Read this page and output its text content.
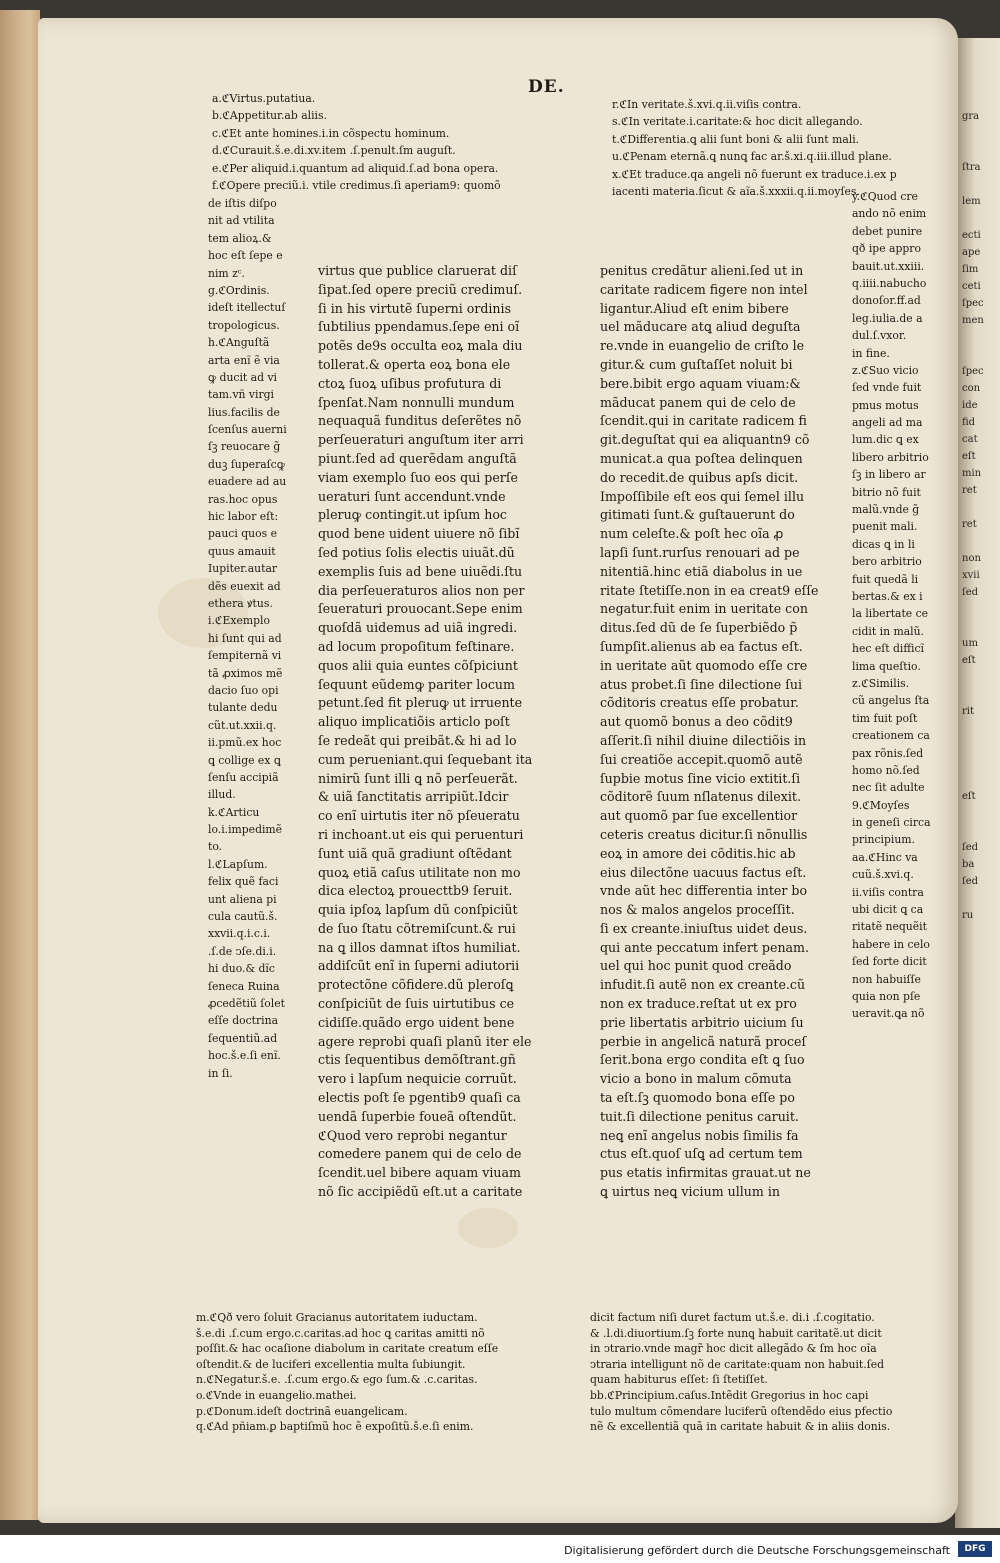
DE.
a.ℭVirtus.putatiua.
b.ℭAppetitur.ab aliis.
c.ℭEt ante homines.i.in cõspectu hominum.
d.ℭCurauit.š.e.di.xv.item .ſ.penult.ſm auguſt.
e.ℭPer aliquid.i.quantum ad aliquid.ſ.ad bona opera.
f.ℭOpere preciũ.i. vtile credimus.ſi aperiam9: quomõ
de iſtis diſpo
nit ad vtilita
tem alioꝝ.&
hoc eſt ſepe e
nim zᶜ.
g.ℭOrdinis.
ideſt itellectuſ
tropologicus.
h.ℭAnguſtã
arta enĩ ẽ via
ꝙ ducit ad vi
tam.vñ virgi
lius.facilis de
ſcenſus auerni
ſꝫ reuocare g̃
duꝫ ſuperaſcꝙ
euadere ad au
ras.hoc opus
hic labor eſt:
pauci quos e
quus amauit
Iupiter.autar
dẽs euexit ad
ethera ꝟtus.
i.ℭExemplo
hi ſunt qui ad
ſempiternã vi
tã ꝓximos mẽ
dacio ſuo opi
tulante dedu
cũt.ut.xxii.q.
ii.pmũ.ex hoc
ꝗ collige ex ꝗ
ſenſu accipiã
illud.
k.ℭArticu
lo.i.impedimẽ
to.
l.ℭLapſum.
felix quẽ faci
unt aliena pi
cula cautũ.š.
xxvii.q.i.c.i.
.ſ.de ↄſe.di.i.
hi duo.& dĩc
ſeneca Ruina
ꝓcedẽtiũ ſolet
eſſe doctrina
ſequentiũ.ad
hoc.š.e.ſi enĩ.
in ſi.
virtus que publice claruerat diſ
ſipat.ſed opere preciũ credimuſ.
ſi in his virtutẽ ſuperni ordinis
ſubtilius ppendamus.ſepe eni oĩ
potẽs de9s occulta eoꝝ mala diu
tollerat.& operta eoꝝ bona ele
ctoꝝ ſuoꝝ uſibus profutura di
ſpenſat.Nam nonnulli mundum
nequaquã funditus deſerẽtes nõ
perſeueraturi anguſtum iter arri
piunt.ſed ad querẽdam anguſtã
viam exemplo ſuo eos qui perſe
ueraturi ſunt accendunt.vnde
pleruꝙ contingit.ut ipſum hoc
quod bene uident uiuere nõ ſibĩ
ſed potius ſolis electis uiuãt.dũ
exemplis ſuis ad bene uiuẽdi.ſtu
dia perſeueraturos alios non per
ſeueraturi prouocant.Sepe enim
quoſdã uidemus ad uiã ingredi.
ad locum propoſitum feſtinare.
quos alii quia euntes cõſpiciunt
ſequunt eũdemꝙ pariter locum
petunt.ſed fit pleruꝙ ut irruente
aliquo implicatiõis articlo poſt
ſe redeãt qui preibãt.& hi ad lo
cum perueniant.qui ſequebant ita
nimirũ ſunt illi ꝗ nõ perſeuerãt.
& uiã ſanctitatis arripiũt.Idcir
co enĩ uirtutis iter nõ pſeueratu
ri inchoant.ut eis qui peruenturi
ſunt uiã quã gradiunt oſtẽdant
quoꝝ etiã caſus utilitate non mo
dica electoꝝ prouecttb9 ſeruit.
quia ipſoꝝ lapſum dũ conſpiciũt
de ſuo ſtatu cõtremiſcunt.& rui
na ꝗ illos damnat iſtos humiliat.
addiſcũt enĩ in ſuperni adiutorii
protectõne cõfidere.dũ pleroſꝗ
conſpiciũt de ſuis uirtutibus ce
cidiſſe.quãdo ergo uident bene
agere reprobi quaſi planũ iter ele
ctis ſequentibus demõſtrant.gñ
vero i lapſum nequicie corruũt.
electis poſt ſe pgentib9 quaſi ca
uendã ſuperbie foueã oſtendũt.
ℭQuod vero reprobi negantur
comedere panem qui de celo de
ſcendit.uel bibere aquam viuam
nõ ſic accipiẽdũ eſt.ut a caritate
r.ℭIn veritate.š.xvi.q.ii.viſis contra.
s.ℭIn veritate.i.caritate:& hoc dicit allegando.
t.ℭDifferentia.ꝗ alii ſunt boni & alii ſunt mali.
u.ℭPenam eternã.ꝗ nunꝗ fac ar.š.xi.q.iii.illud plane.
x.ℭEt traduce.qa angeli nõ fuerunt ex traduce.i.ex p
iacenti materia.ſicut & aĩa.š.xxxii.q.ii.moyſes.
penitus credãtur alieni.ſed ut in
caritate radicem figere non intel
ligantur.Aliud eſt enim bibere
uel mãducare atꝗ aliud deguſta
re.vnde in euangelio de criſto le
gitur.& cum guſtaſſet noluit bi
bere.bibit ergo aquam viuam:&
mãducat panem qui de celo de
ſcendit.qui in caritate radicem fi
git.deguſtat qui ea aliquantn9 cõ
municat.a qua poſtea delinquen
do recedit.de quibus apſs dicit.
Impoſſibile eſt eos qui ſemel illu
gitimati ſunt.& guſtauerunt do
num celeſte.& poſt hec oĩa ꝓ
lapſi ſunt.rurſus renouari ad pe
nitentiã.hinc etiã diabolus in ue
ritate ſtetiſſe.non in ea creat9 eſſe
negatur.fuit enim in ueritate con
ditus.ſed dũ de ſe ſuperbiẽdo p̃
ſumpſit.alienus ab ea factus eſt.
in ueritate aũt quomodo eſſe cre
atus probet.ſi ſine dilectione ſui
cõditoris creatus eſſe probatur.
aut quomõ bonus a deo cõdit9
aſſerit.ſi nihil diuine dilectiõis in
ſui creatiõe accepit.quomõ autẽ
ſupbie motus ſine vicio extitit.ſi
cõditorẽ ſuum nſlatenus dilexit.
aut quomõ par ſue excellentior
ceteris creatus dicitur.ſi nõnullis
eoꝝ in amore dei cõditis.hic ab
eius dilectõne uacuus factus eſt.
vnde aũt hec differentia inter bo
nos & malos angelos proceſſit.
ſi ex creante.iniuſtus uidet deus.
qui ante peccatum infert penam.
uel qui hoc punit quod creãdo
infudit.ſi autẽ non ex creante.cũ
non ex traduce.reſtat ut ex pro
prie libertatis arbitrio uicium ſu
perbie in angelicã naturã proceſ
ſerit.bona ergo condita eſt ꝗ ſuo
vicio a bono in malum cõmuta
ta eſt.ſꝫ quomodo bona eſſe po
tuit.ſi dilectione penitus caruit.
neꝗ enĩ angelus nobis ſimilis fa
ctus eſt.quoſ uſꝗ ad certum tem
pus etatis infirmitas grauat.ut ne
ꝗ uirtus neꝗ vicium ullum in
y.ℭQuod cre
ando nõ enim
debet punire
qð ipe appro
bauit.ut.xxiii.
q.iiii.nabucho
donoſor.ff.ad
leg.iulia.de a
dul.ſ.vxor.
in fine.
z.ℭSuo vicio
ſed vnde fuit
pmus motus
angeli ad ma
lum.dic ꝗ ex
libero arbitrio
ſꝫ in libero ar
bitrio nõ fuit
malũ.vnde g̃
puenit mali.
dicas ꝗ in li
bero arbitrio
fuit quedã li
bertas.& ex i
la libertate ce
cidit in malũ.
hec eſt difficĩ
lima queſtio.
z.ℭSimilis.
cũ angelus ſta
tim fuit poſt
creationem ca
pax rõnis.ſed
homo nõ.ſed
nec ſit adulte
9.ℭMoyſes
in geneſi circa
principium.
aa.ℭHinc va
cuũ.š.xvi.q.
ii.viſis contra
ubi dicit ꝗ ca
ritatẽ nequẽit
habere in celo
ſed forte dicit
non habuiſſe
quia non pſe
ueravit.ꝗa nõ
m.ℭQð vero ſoluit Gracianus autoritatem iuductam.
š.e.di .ſ.cum ergo.c.caritas.ad hoc ꝗ caritas amitti nõ
poſſit.& hac ocaſione diabolum in caritate creatum eſſe
oſtendit.& de luciferi excellentia multa ſubiungit.
n.ℭNegatur.š.e. .ſ.cum ergo.& ego ſum.& .c.caritas.
o.ℭVnde in euangelio.mathei.
p.ℭDonum.ideſt doctrinã euangelicam.
q.ℭAd pñiam.ꝑ baptiſmũ hoc ẽ expoſitũ.š.e.ſi enim.
dicit factum niſi duret factum ut.š.e. di.i .ſ.cogitatio.
& .l.di.diuortium.ſꝫ forte nunꝗ habuit caritatẽ.ut dicit
in ↄtrario.vnde magr̃ hoc dicit allegãdo & ſm hoc oĩa
ↄtraria intelligunt nõ de caritate:quam non habuit.ſed
quam habiturus eſſet: ſi ſtetiſſet.
bb.ℭPrincipium.caſus.Intẽdit Gregorius in hoc capi
tulo multum cõmendare luciferũ oſtendẽdo eius pfectio
nẽ & excellentiã quã in caritate habuit & in aliis donis.
gra
ſtra
lem
ecti
ape
ſim
ceti
ſpec
men
ſpec
con
ide
fid
cat
eſt
min
ret
ret
non
xvii
ſed
um
eſt
rit
eſt
ſed
ba
ſed
ru
Digitalisierung gefördert durch die Deutsche Forschungsgemeinschaft	DFG
